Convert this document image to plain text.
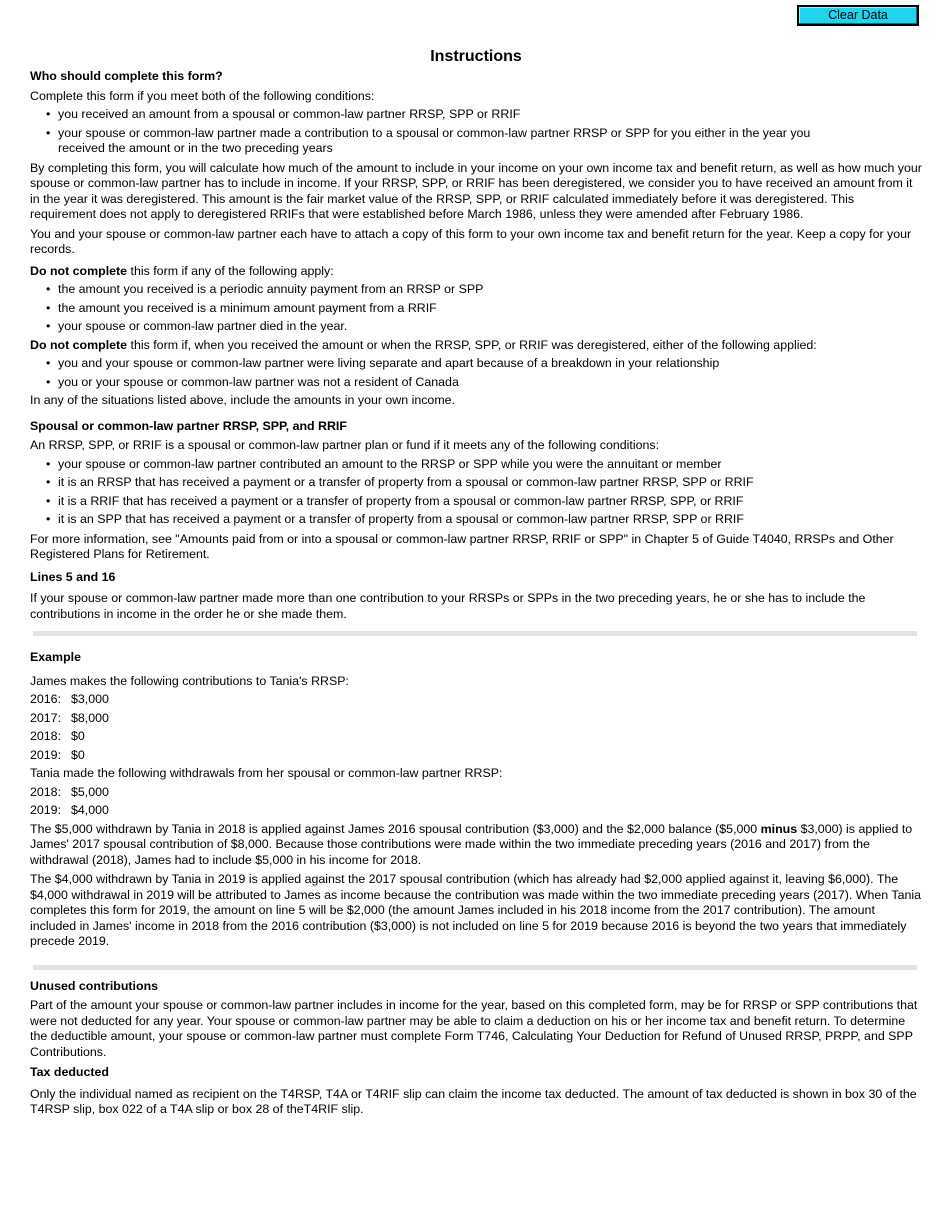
Clear Data
Instructions
Who should complete this form?

Complete this form if you meet both of the following conditions:

• you received an amount from a spousal or common-law partner RRSP, SPP or RRIF
• your spouse or common-law partner made a contribution to a spousal or common-law partner RRSP or SPP for you either in the year you received the amount or in the two preceding years

By completing this form, you will calculate how much of the amount to include in your income on your own income tax and benefit return, as well as how much your spouse or common-law partner has to include in income. If your RRSP, SPP, or RRIF has been deregistered, we consider you to have received an amount from it in the year it was deregistered. This amount is the fair market value of the RRSP, SPP, or RRIF calculated immediately before it was deregistered. This requirement does not apply to deregistered RRIFs that were established before March 1986, unless they were amended after February 1986.

You and your spouse or common-law partner each have to attach a copy of this form to your own income tax and benefit return for the year. Keep a copy for your records.

Do not complete this form if any of the following apply:

• the amount you received is a periodic annuity payment from an RRSP or SPP
• the amount you received is a minimum amount payment from a RRIF
• your spouse or common-law partner died in the year.

Do not complete this form if, when you received the amount or when the RRSP, SPP, or RRIF was deregistered, either of the following applied:

• you and your spouse or common-law partner were living separate and apart because of a breakdown in your relationship
• you or your spouse or common-law partner was not a resident of Canada

In any of the situations listed above, include the amounts in your own income.

Spousal or common-law partner RRSP, SPP, and RRIF

An RRSP, SPP, or RRIF is a spousal or common-law partner plan or fund if it meets any of the following conditions:

• your spouse or common-law partner contributed an amount to the RRSP or SPP while you were the annuitant or member
• it is an RRSP that has received a payment or a transfer of property from a spousal or common-law partner RRSP, SPP or RRIF
• it is a RRIF that has received a payment or a transfer of property from a spousal or common-law partner RRSP, SPP, or RRIF
• it is an SPP that has received a payment or a transfer of property from a spousal or common-law partner RRSP, SPP or RRIF

For more information, see "Amounts paid from or into a spousal or common-law partner RRSP, RRIF or SPP" in Chapter 5 of Guide T4040, RRSPs and Other Registered Plans for Retirement.

Lines 5 and 16

If your spouse or common-law partner made more than one contribution to your RRSPs or SPPs in the two preceding years, he or she has to include the contributions in income in the order he or she made them.

Example

James makes the following contributions to Tania's RRSP:

2016: $3,000
2017: $8,000
2018: $0
2019: $0

Tania made the following withdrawals from her spousal or common-law partner RRSP:

2018: $5,000
2019: $4,000

The $5,000 withdrawn by Tania in 2018 is applied against James 2016 spousal contribution ($3,000) and the $2,000 balance ($5,000 minus $3,000) is applied to James' 2017 spousal contribution of $8,000. Because those contributions were made within the two immediate preceding years (2016 and 2017) from the withdrawal (2018), James had to include $5,000 in his income for 2018.

The $4,000 withdrawn by Tania in 2019 is applied against the 2017 spousal contribution (which has already had $2,000 applied against it, leaving $6,000). The $4,000 withdrawal in 2019 will be attributed to James as income because the contribution was made within the two immediate preceding years (2017). When Tania completes this form for 2019, the amount on line 5 will be $2,000 (the amount James included in his 2018 income from the 2017 contribution). The amount included in James' income in 2018 from the 2016 contribution ($3,000) is not included on line 5 for 2019 because 2016 is beyond the two years that immediately precede 2019.

Unused contributions

Part of the amount your spouse or common-law partner includes in income for the year, based on this completed form, may be for RRSP or SPP contributions that were not deducted for any year. Your spouse or common-law partner may be able to claim a deduction on his or her income tax and benefit return. To determine the deductible amount, your spouse or common-law partner must complete Form T746, Calculating Your Deduction for Refund of Unused RRSP, PRPP, and SPP Contributions.

Tax deducted

Only the individual named as recipient on the T4RSP, T4A or T4RIF slip can claim the income tax deducted. The amount of tax deducted is shown in box 30 of the T4RSP slip, box 022 of a T4A slip or box 28 of theT4RIF slip.
